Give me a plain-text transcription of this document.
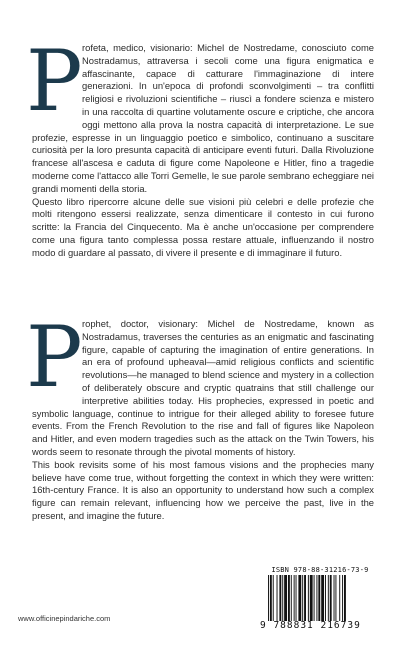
P rofeta, medico, visionario: Michel de Nostredame, conosciuto come Nostradamus, attraversa i secoli come una figura enigmatica e affascinante, capace di catturare l'immaginazione di intere generazioni. In un'epoca di profondi sconvolgimenti – tra conflitti religiosi e rivoluzioni scientifiche – riuscì a fondere scienza e mistero in una raccolta di quartine volutamente oscure e criptiche, che ancora oggi mettono alla prova la nostra capacità di interpretazione. Le sue profezie, espresse in un linguaggio poetico e simbolico, continuano a suscitare curiosità per la loro presunta capacità di anticipare eventi futuri. Dalla Rivoluzione francese all'ascesa e caduta di figure come Napoleone e Hitler, fino a tragedie moderne come l'attacco alle Torri Gemelle, le sue parole sembrano echeggiare nei grandi momenti della storia.

Questo libro ripercorre alcune delle sue visioni più celebri e delle profezie che molti ritengono essersi realizzate, senza dimenticare il contesto in cui furono scritte: la Francia del Cinquecento. Ma è anche un'occasione per comprendere come una figura tanto complessa possa restare attuale, influenzando il nostro modo di guardare al passato, di vivere il presente e di immaginare il futuro.

P rophet, doctor, visionary: Michel de Nostredame, known as Nostradamus, traverses the centuries as an enigmatic and fascinating figure, capable of capturing the imagination of entire generations. In an era of profound upheaval—amid religious conflicts and scientific revolutions—he managed to blend science and mystery in a collection of deliberately obscure and cryptic quatrains that still challenge our interpretive abilities today. His prophecies, expressed in poetic and symbolic language, continue to intrigue for their alleged ability to foresee future events. From the French Revolution to the rise and fall of figures like Napoleon and Hitler, and even modern tragedies such as the attack on the Twin Towers, his words seem to resonate through the pivotal moments of history.

This book revisits some of his most famous visions and the prophecies many believe have come true, without forgetting the context in which they were written: 16th-century France. It is also an opportunity to understand how such a complex figure can remain relevant, influencing how we perceive the past, live in the present, and imagine the future.

www.officinepindariche.com
ISBN 978-88-31216-73-9
9 788831 216739
